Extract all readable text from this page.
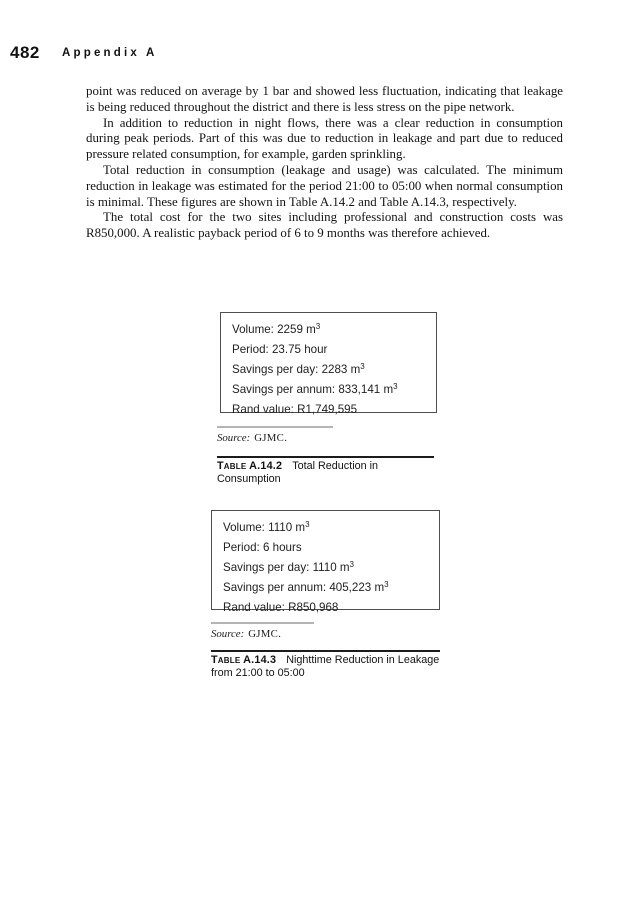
482 Appendix A

point was reduced on average by 1 bar and showed less fluctuation, indicating that leakage is being reduced throughout the district and there is less stress on the pipe network.

In addition to reduction in night flows, there was a clear reduction in consumption during peak periods. Part of this was due to reduction in leakage and part due to reduced pressure related consumption, for example, garden sprinkling.

Total reduction in consumption (leakage and usage) was calculated. The minimum reduction in leakage was estimated for the period 21:00 to 05:00 when normal consumption is minimal. These figures are shown in Table A.14.2 and Table A.14.3, respectively.

The total cost for the two sites including professional and construction costs was R850,000. A realistic payback period of 6 to 9 months was therefore achieved.

Volume: 2259 $m^3$
Period: 23.75 hour
Savings per day: 2283 $m^3$
Savings per annum: 833,141 $m^3$
Rand value: R1,749,595
Source: GJMC.
Table A.14.2 Total Reduction in Consumption
Volume: 1110 $m^3$
Period: 6 hours
Savings per day: 1110 $m^3$
Savings per annum: 405,223 $m^3$
Rand value: R850,968
Source: GJMC.
Table A.14.3 Nighttime Reduction in Leakage from 21:00 to 05:00
